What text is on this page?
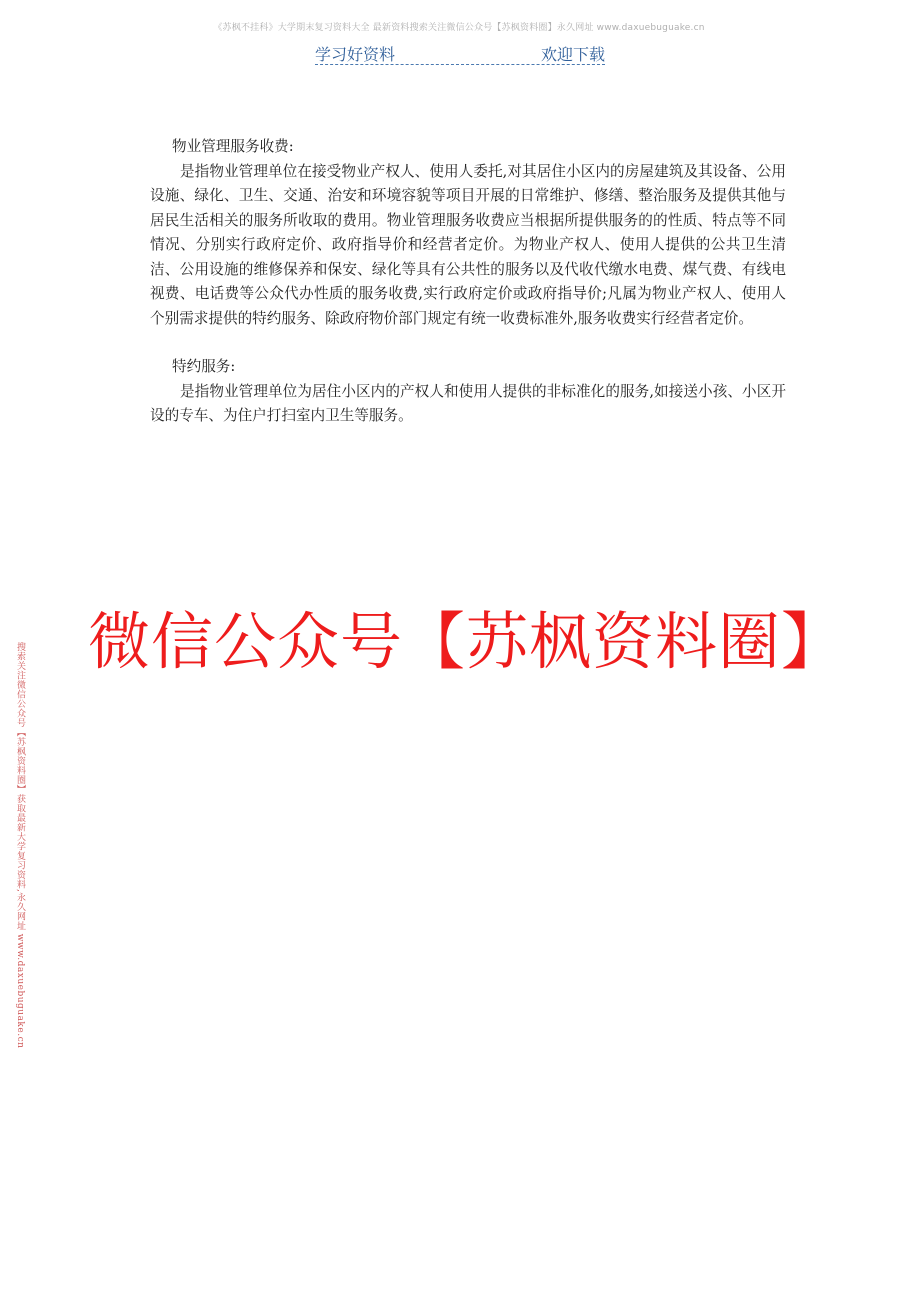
《苏枫不挂科》大学期末复习资料大全 最新资料搜索关注微信公众号【苏枫资料圈】永久网址 www.daxuebuguake.cn
学习好资料	欢迎下载

物业管理服务收费:

是指物业管理单位在接受物业产权人、使用人委托,对其居住小区内的房屋建筑及其设备、公用设施、绿化、卫生、交通、治安和环境容貌等项目开展的日常维护、修缮、整治服务及提供其他与居民生活相关的服务所收取的费用。物业管理服务收费应当根据所提供服务的的性质、特点等不同情况、分别实行政府定价、政府指导价和经营者定价。为物业产权人、使用人提供的公共卫生清洁、公用设施的维修保养和保安、绿化等具有公共性的服务以及代收代缴水电费、煤气费、有线电视费、电话费等公众代办性质的服务收费,实行政府定价或政府指导价;凡属为物业产权人、使用人个别需求提供的特约服务、除政府物价部门规定有统一收费标准外,服务收费实行经营者定价。

特约服务:

是指物业管理单位为居住小区内的产权人和使用人提供的非标准化的服务,如接送小孩、小区开设的专车、为住户打扫室内卫生等服务。

微信公众号【苏枫资料圈】
搜索关注微信公众号【苏枫资料圈】获取最新大学复习资料,永久网址 www.daxuebuguake.cn
